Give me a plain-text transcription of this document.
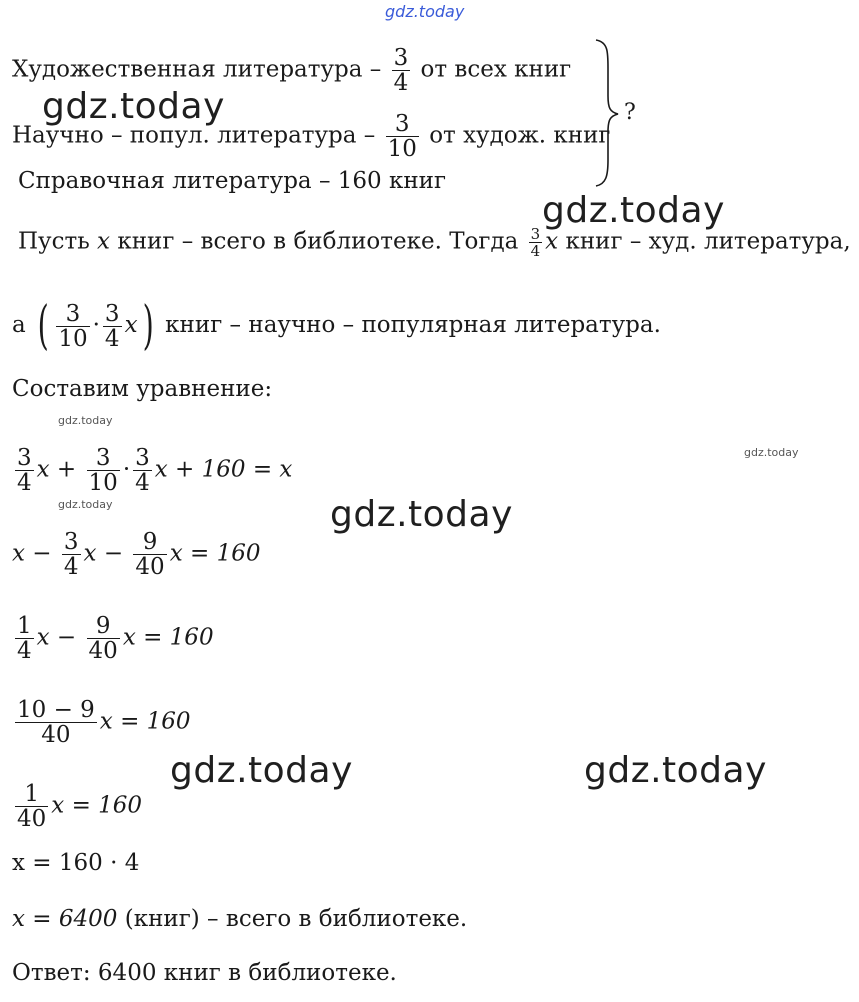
gdz.today
gdz.today
gdz.today
gdz.today
gdz.today	gdz.today
gdz.today
gdz.today
gdz.today
Художественная литература – $\frac{3}{4}$ от всех книг
Научно – попул. литература – $\frac{3}{10}$ от худож. книг
Справочная литература – 160 книг
?
Пусть x книг – всего в библиотеке. Тогда $\frac{3}{4}$ x книг – худ. литература,
а ( $\frac{3}{10} \cdot \frac{3}{4} x$) книг – научно – популярная литература.
Составим уравнение:
$\frac{3}{4}$ $x + \frac{3}{10} \cdot \frac{3}{4}$ x + 160 = x
$x - \frac{3}{4}$ $x - \frac{9}{40}$ x = 160
$\frac{1}{4}$ $x - \frac{9}{40}$ x = 160
$\frac{10 - 9}{40}$ x = 160
$\frac{1}{40}$ x = 160
x = 160 · 4
x = 6400 (книг) – всего в библиотеке.
Ответ: 6400 книг в библиотеке.
